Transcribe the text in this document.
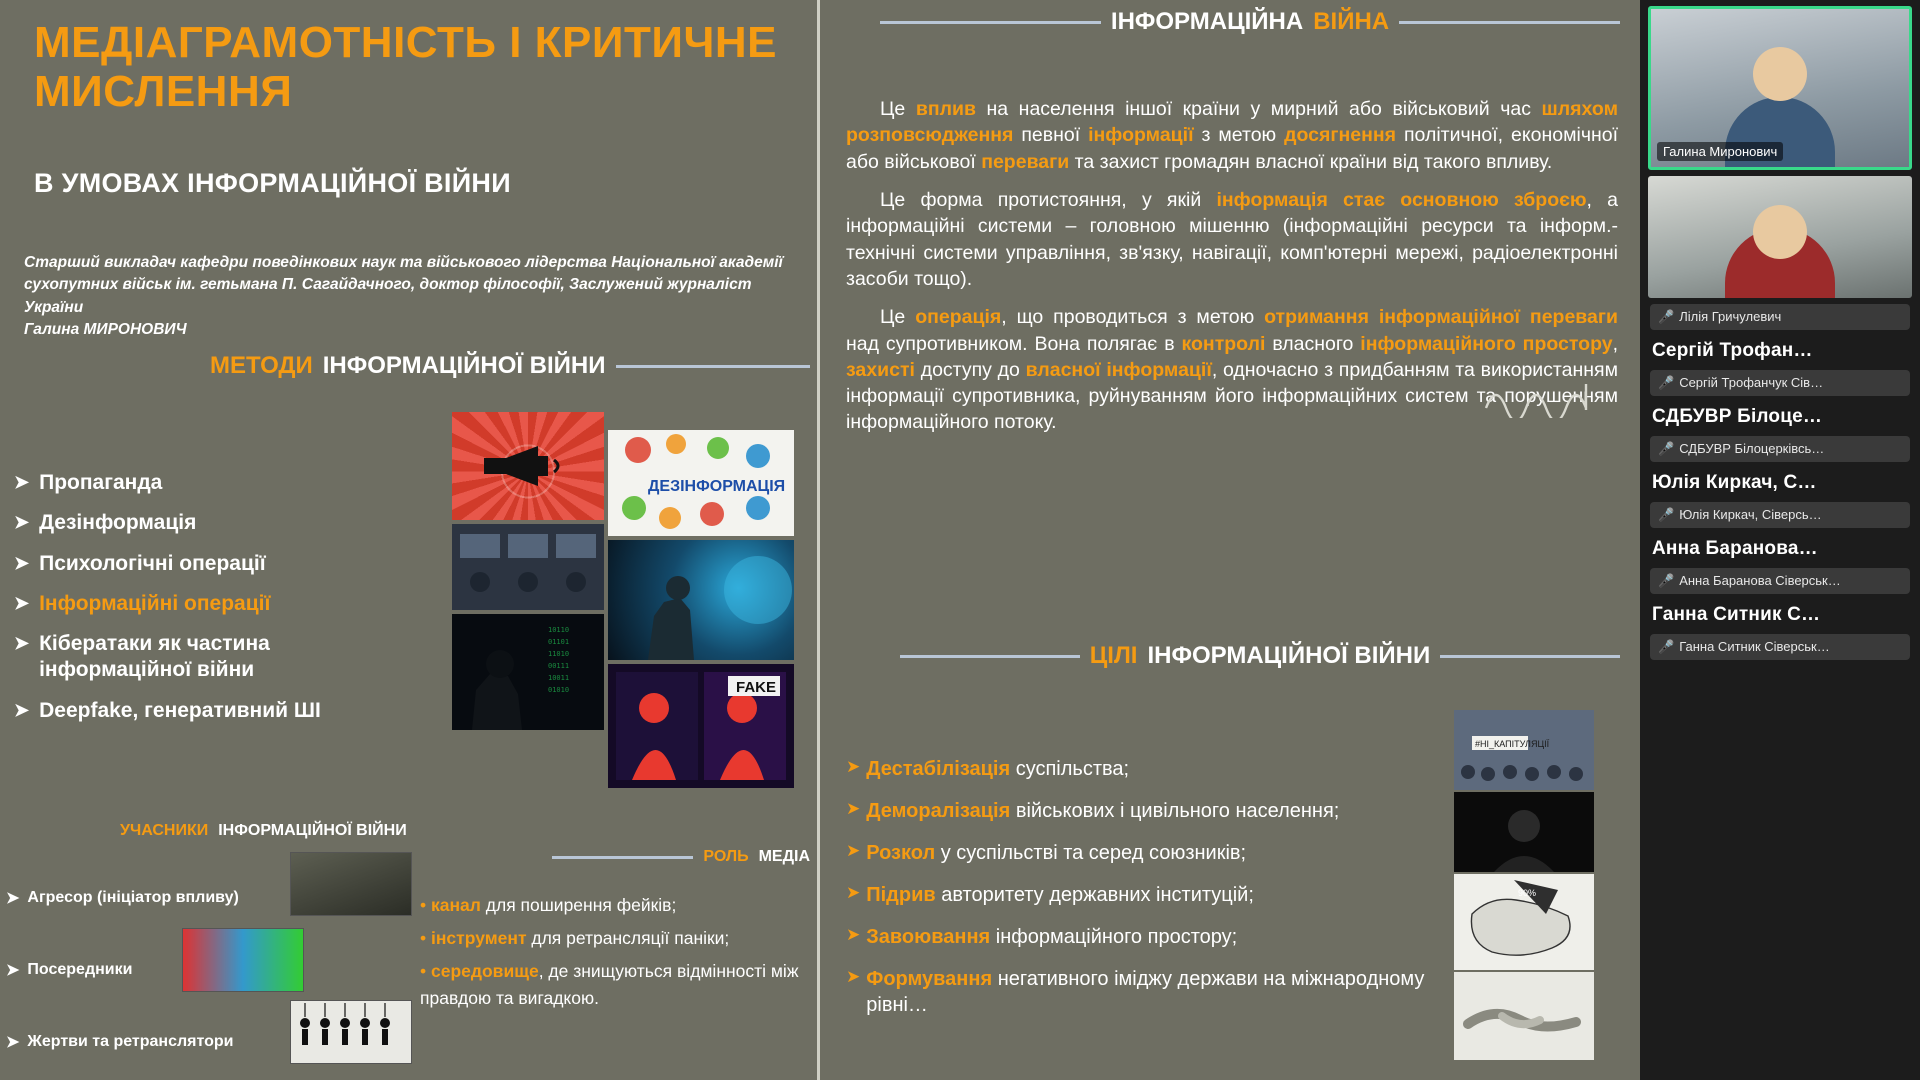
МЕДІАГРАМОТНІСТЬ І КРИТИЧНЕ МИСЛЕННЯ
В УМОВАХ ІНФОРМАЦІЙНОЇ ВІЙНИ
Старший викладач кафедри поведінкових наук та військового лідерства Національної академії сухопутних військ ім. гетьмана П. Сагайдачного, доктор філософії, Заслужений журналіст України
Галина МИРОНОВИЧ
МЕТОДИ ІНФОРМАЦІЙНОЇ ВІЙНИ
➤ Пропаганда
➤ Дезінформація
➤ Психологічні операції
➤ Інформаційні операції
➤ Кібератаки як частина інформаційної війни
➤ Deepfake, генеративний ШІ
ДЕЗІНФОРМАЦІЯ
10110
01101
11010
00111
10011
01010	FAKE
УЧАСНИКИ ІНФОРМАЦІЙНОЇ ВІЙНИ
➤ Агресор (ініціатор впливу)
➤ Посередники
➤ Жертви та ретранслятори
РОЛЬ МЕДІА
• канал для поширення фейків;
• інструмент для ретрансляції паніки;
• середовище, де знищуються відмінності між правдою та вигадкою.
ІНФОРМАЦІЙНА ВІЙНА

Це вплив на населення іншої країни у мирний або військовий час шляхом розповсюдження певної інформації з метою досягнення політичної, економічної або військової переваги та захист громадян власної країни від такого впливу.

Це форма протистояння, у якій інформація стає основною зброєю, а інформаційні системи – головною мішенню (інформаційні ресурси та інформ.-технічні системи управління, зв'язку, навігації, комп'ютерні мережі, радіоелектронні засоби тощо).

Це операція, що проводиться з метою отримання інформаційної переваги над супротивником. Вона полягає в контролі власного інформаційного простору, захисті доступу до власної інформації, одночасно з придбанням та використанням інформації супротивника, руйнуванням його інформаційних систем та порушенням інформаційного потоку.

ЦІЛІ ІНФОРМАЦІЙНОЇ ВІЙНИ
➤ Дестабілізація суспільства;
➤ Деморалізація військових і цивільного населення;
➤ Розкол у суспільстві та серед союзників;
➤ Підрив авторитету державних інституцій;
➤ Завоювання інформаційного простору;
➤ Формування негативного іміджу держави на міжнародному рівні…
#НІ_КАПІТУЛЯЦІЇ
90%
Галина Миронович
🎤 Лілія Гричулевич
Сергій Трофан…
🎤 Сергій Трофанчук Сів…
СДБУВР Білоце…
🎤 СДБУВР Білоцерківсь…
Юлія Киркач, С…
🎤 Юлія Киркач, Сіверсь…
Анна Баранова…
🎤 Анна Баранова Сіверськ…
Ганна Ситник С…
🎤 Ганна Ситник Сіверськ…
